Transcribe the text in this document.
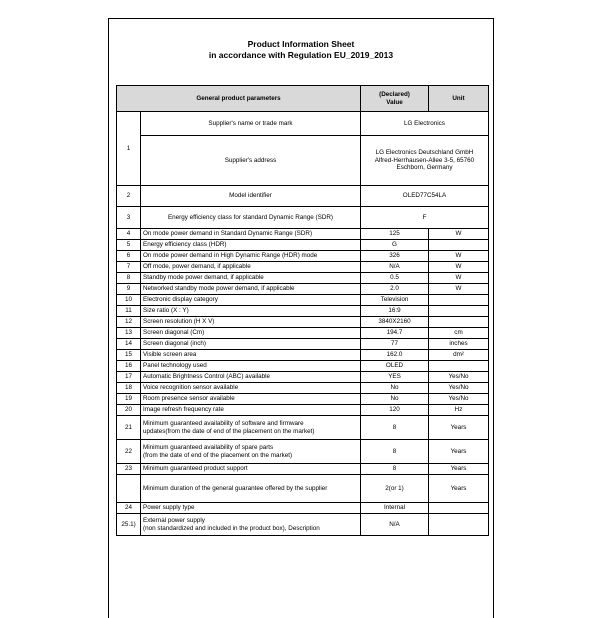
Product Information Sheet
in accordance with Regulation EU_2019_2013
General product parameters		(Declared)
Value	Unit
1	Supplier's name or trade mark	LG Electronics	
	Supplier's address	LG Electronics Deutschland GmbH
Alfred-Herrhausen-Allee 3-5, 65760
Eschborn, Germany	

2	Model identifier	OLED77C54LA	
3	Energy efficiency class for standard Dynamic Range (SDR)	F	
4	On mode power demand in Standard Dynamic Range (SDR)	125	W
5	Energy efficiency class (HDR)	G	
6	On mode power demand in High Dynamic Range (HDR) mode	326	W
7	Off mode, power demand, if applicable	N/A	W
8	Standby mode power demand, if applicable	0.5	W
9	Networked standby mode power demand, if applicable	2.0	W
10	Electronic display category	Television	
11	Size ratio (X : Y)	16:9	
12	Screen resolution (H X V)	3840X2160	
13	Screen diagonal (Cm)	194.7	cm
14	Screen diagonal (inch)	77	inches
15	Visible screen area	162.0	dm²
16	Panel technology used	OLED	
17	Automatic Brightness Control (ABC) available	YES	Yes/No
18	Voice recognition sensor available	No	Yes/No
19	Room presence sensor available	No	Yes/No
20	Image refresh frequency rate	120	Hz
21	Minimum guaranteed availability of software and firmware
updates(from the date of end of the placement on the market)	8	Years
22	Minimum guaranteed availability of spare parts
(from the date of end of the placement on the market)	8	Years
23	Minimum guaranteed product support	8	Years
	Minimum duration of the general guarantee offered by the supplier	2(or 1)	Years
24	Power supply type	Internal	
25.1)	External power supply
(non standardized and included in the product box), Description	N/A	
